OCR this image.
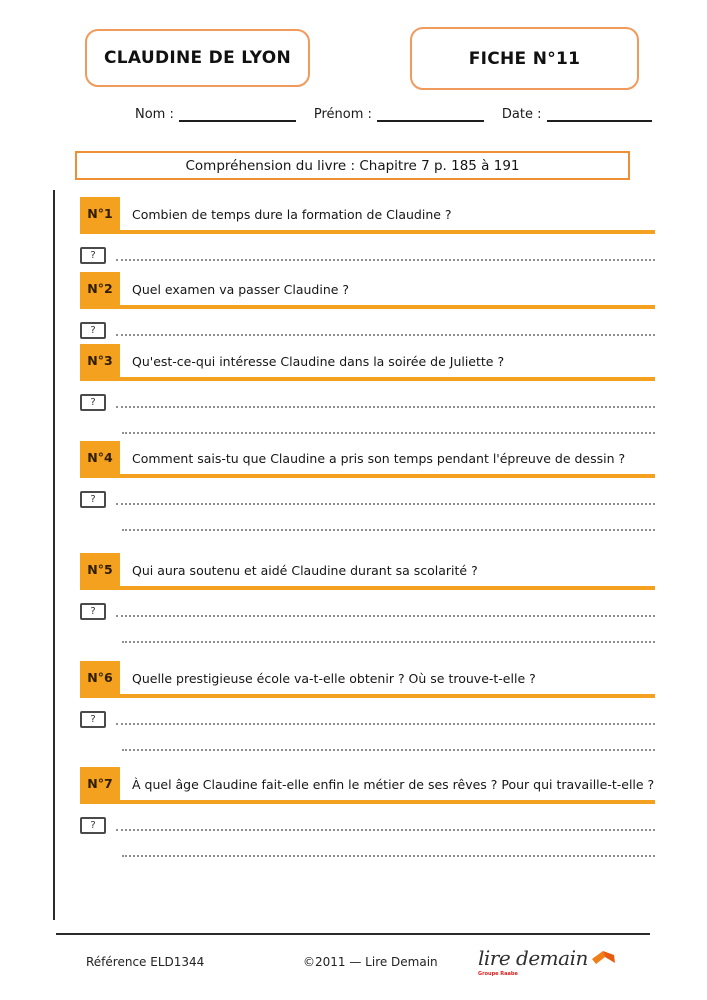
CLAUDINE DE LYON	FICHE N°11
Nom :	Prénom :	Date :
Compréhension du livre : Chapitre 7 p. 185 à 191
N°1	Combien de temps dure la formation de Claudine ?
?
N°2	Quel examen va passer Claudine ?
?
N°3	Qu'est-ce-qui intéresse Claudine dans la soirée de Juliette ?
?
N°4	Comment sais-tu que Claudine a pris son temps pendant l'épreuve de dessin ?
?
N°5	Qui aura soutenu et aidé Claudine durant sa scolarité ?
?
N°6	Quelle prestigieuse école va-t-elle obtenir ? Où se trouve-t-elle ?
?
N°7	À quel âge Claudine fait-elle enfin le métier de ses rêves ? Pour qui travaille-t-elle ?
?
Référence ELD1344	©2011 — Lire Demain lire demain
Groupe Raabe
